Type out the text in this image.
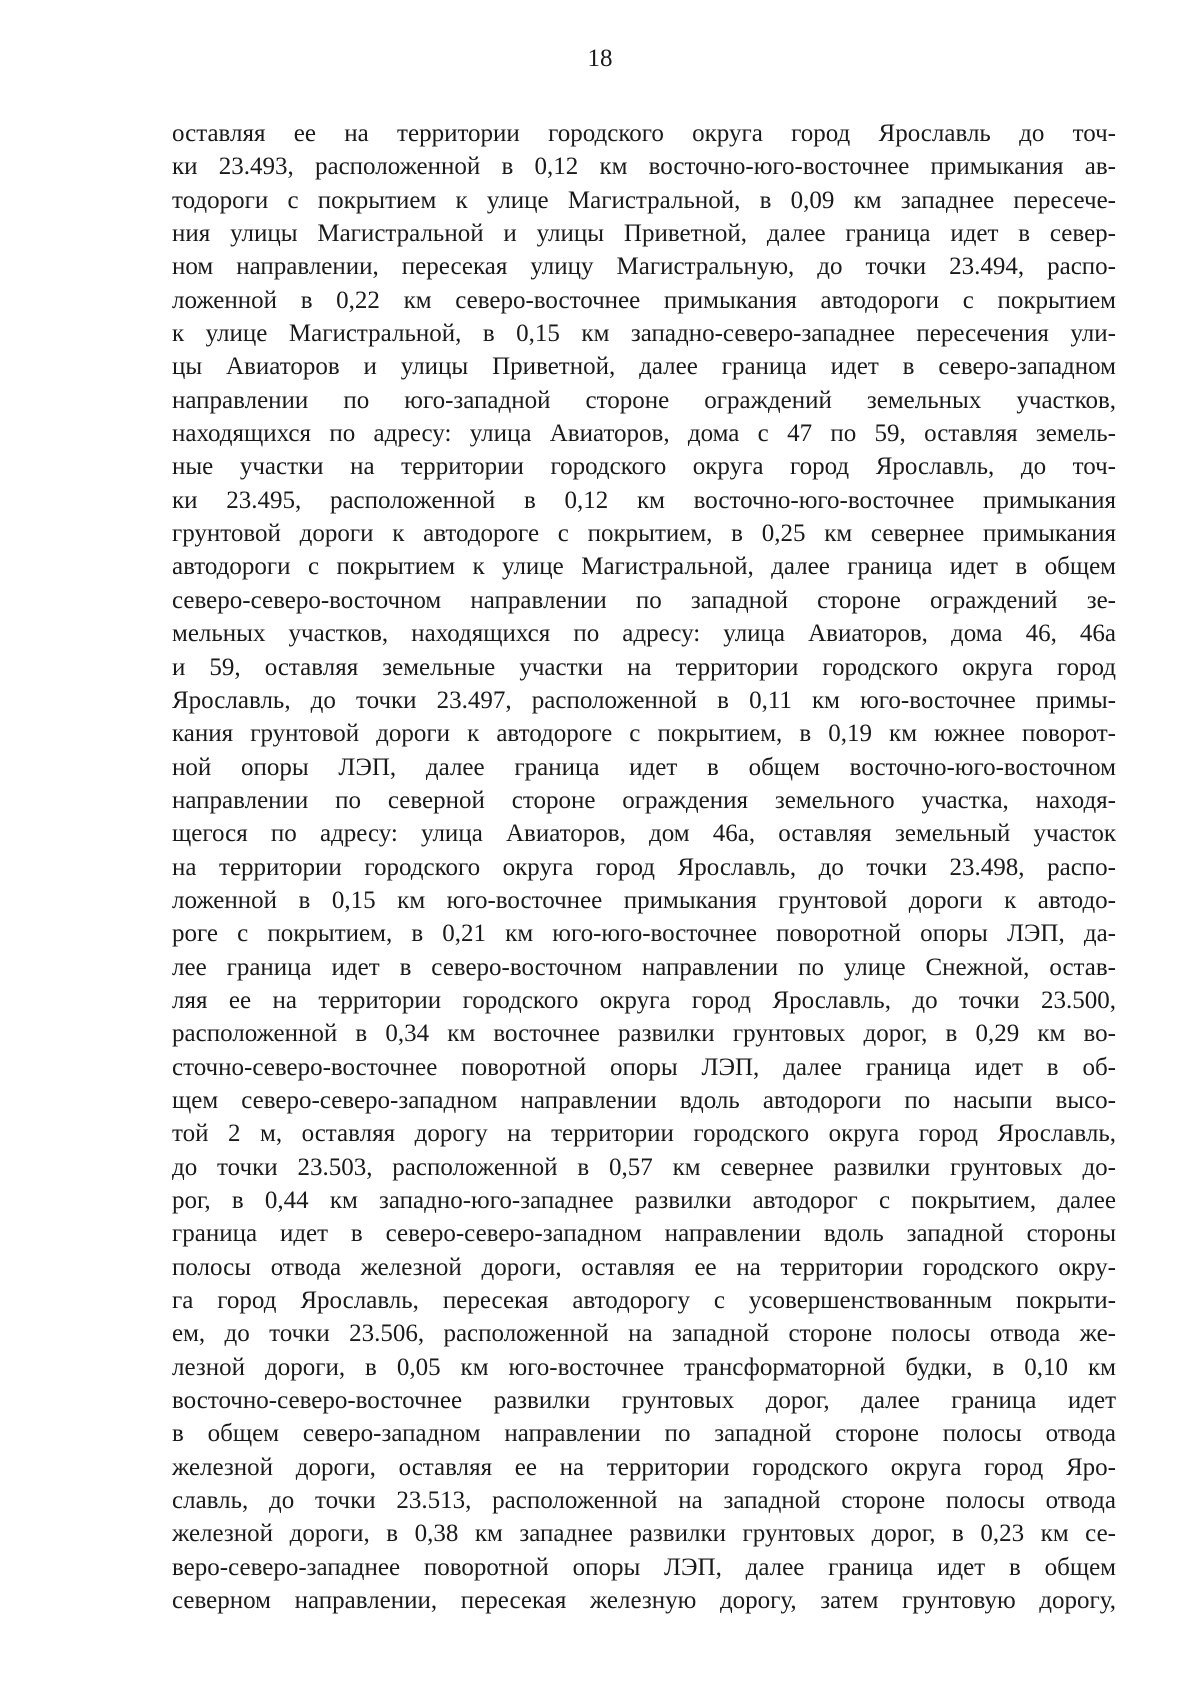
18
оставляя ее на территории городского округа город Ярославль до точ-
ки 23.493, расположенной в 0,12 км восточно-юго-восточнее примыкания ав-
тодороги с покрытием к улице Магистральной, в 0,09 км западнее пересече-
ния улицы Магистральной и улицы Приветной, далее граница идет в север-
ном направлении, пересекая улицу Магистральную, до точки 23.494, распо-
ложенной в 0,22 км северо-восточнее примыкания автодороги с покрытием
к улице Магистральной, в 0,15 км западно-северо-западнее пересечения ули-
цы Авиаторов и улицы Приветной, далее граница идет в северо-западном
направлении по юго-западной стороне ограждений земельных участков,
находящихся по адресу: улица Авиаторов, дома с 47 по 59, оставляя земель-
ные участки на территории городского округа город Ярославль, до точ-
ки 23.495, расположенной в 0,12 км восточно-юго-восточнее примыкания
грунтовой дороги к автодороге с покрытием, в 0,25 км севернее примыкания
автодороги с покрытием к улице Магистральной, далее граница идет в общем
северо-северо-восточном направлении по западной стороне ограждений зе-
мельных участков, находящихся по адресу: улица Авиаторов, дома 46, 46а
и 59, оставляя земельные участки на территории городского округа город
Ярославль, до точки 23.497, расположенной в 0,11 км юго-восточнее примы-
кания грунтовой дороги к автодороге с покрытием, в 0,19 км южнее поворот-
ной опоры ЛЭП, далее граница идет в общем восточно-юго-восточном
направлении по северной стороне ограждения земельного участка, находя-
щегося по адресу: улица Авиаторов, дом 46а, оставляя земельный участок
на территории городского округа город Ярославль, до точки 23.498, распо-
ложенной в 0,15 км юго-восточнее примыкания грунтовой дороги к автодо-
роге с покрытием, в 0,21 км юго-юго-восточнее поворотной опоры ЛЭП, да-
лее граница идет в северо-восточном направлении по улице Снежной, остав-
ляя ее на территории городского округа город Ярославль, до точки 23.500,
расположенной в 0,34 км восточнее развилки грунтовых дорог, в 0,29 км во-
сточно-северо-восточнее поворотной опоры ЛЭП, далее граница идет в об-
щем северо-северо-западном направлении вдоль автодороги по насыпи высо-
той 2 м, оставляя дорогу на территории городского округа город Ярославль,
до точки 23.503, расположенной в 0,57 км севернее развилки грунтовых до-
рог, в 0,44 км западно-юго-западнее развилки автодорог с покрытием, далее
граница идет в северо-северо-западном направлении вдоль западной стороны
полосы отвода железной дороги, оставляя ее на территории городского окру-
га город Ярославль, пересекая автодорогу с усовершенствованным покрыти-
ем, до точки 23.506, расположенной на западной стороне полосы отвода же-
лезной дороги, в 0,05 км юго-восточнее трансформаторной будки, в 0,10 км
восточно-северо-восточнее развилки грунтовых дорог, далее граница идет
в общем северо-западном направлении по западной стороне полосы отвода
железной дороги, оставляя ее на территории городского округа город Яро-
славль, до точки 23.513, расположенной на западной стороне полосы отвода
железной дороги, в 0,38 км западнее развилки грунтовых дорог, в 0,23 км се-
веро-северо-западнее поворотной опоры ЛЭП, далее граница идет в общем
северном направлении, пересекая железную дорогу, затем грунтовую дорогу,
